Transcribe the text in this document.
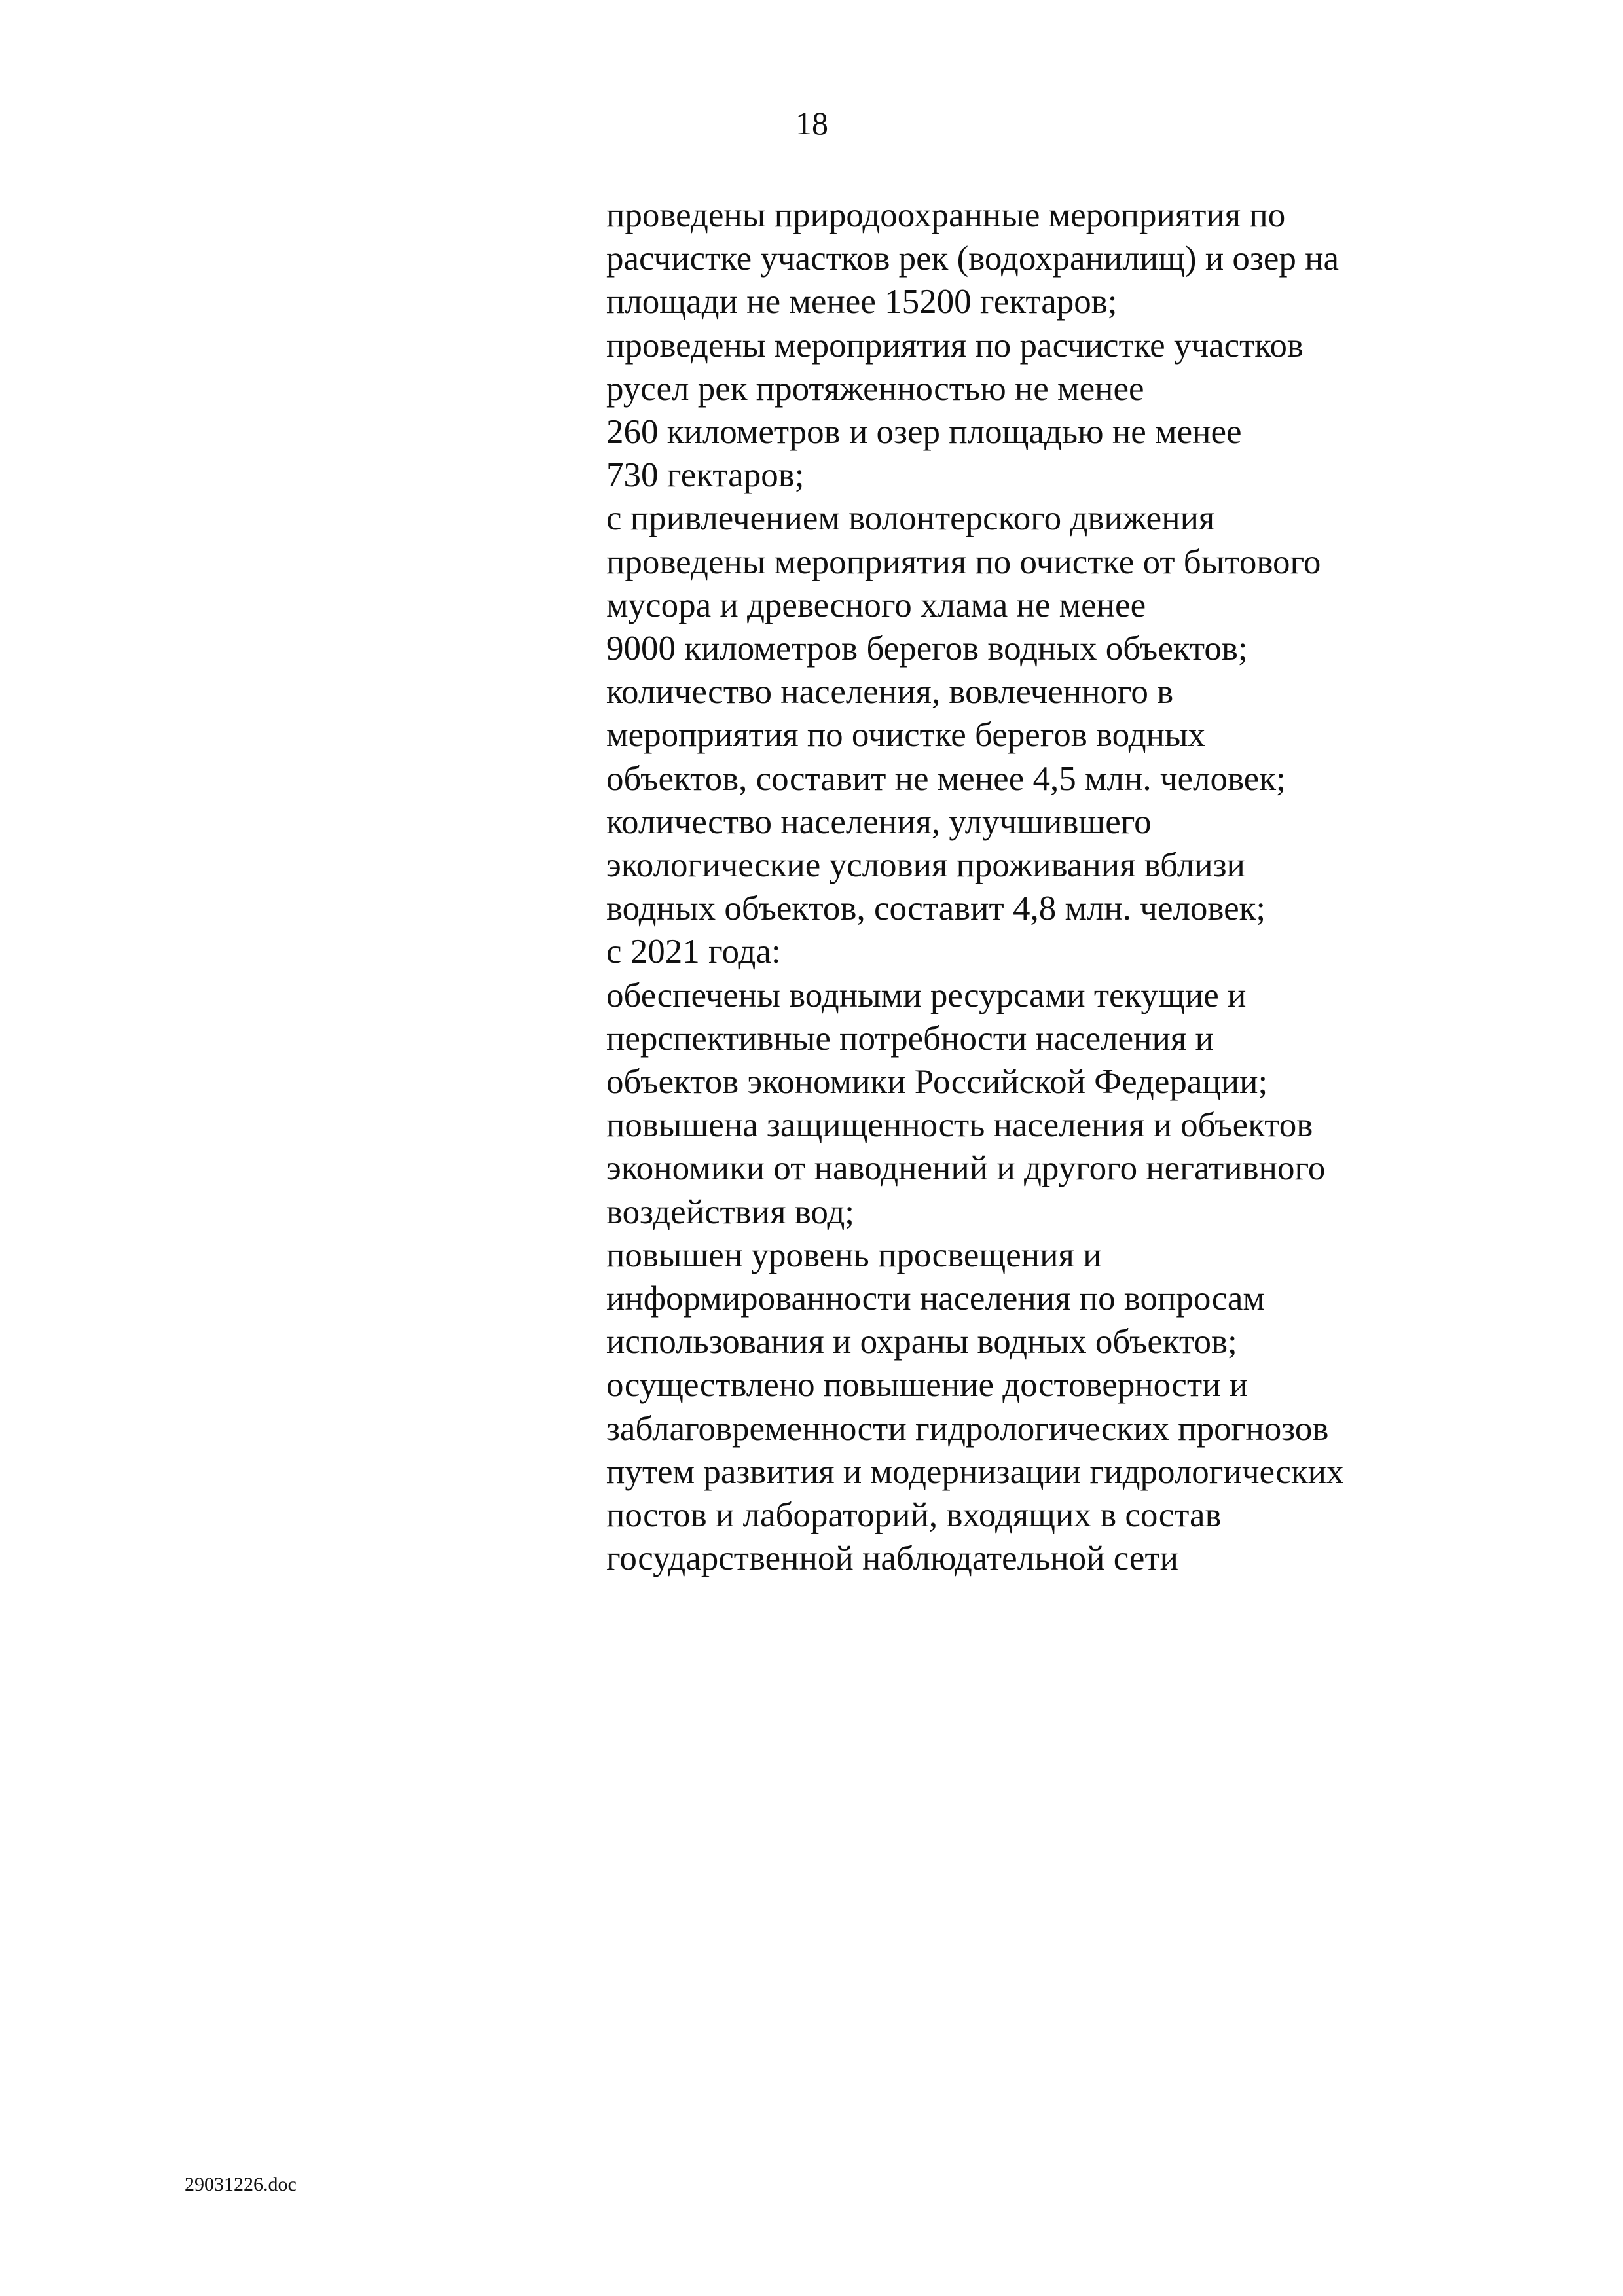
18
проведены природоохранные мероприятия по
расчистке участков рек (водохранилищ) и озер на
площади не менее 15200 гектаров;
проведены мероприятия по расчистке участков
русел рек протяженностью не менее
260 километров и озер площадью не менее
730 гектаров;
с привлечением волонтерского движения
проведены мероприятия по очистке от бытового
мусора и древесного хлама не менее
9000 километров берегов водных объектов;
количество населения, вовлеченного в
мероприятия по очистке берегов водных
объектов, составит не менее 4,5 млн. человек;
количество населения, улучшившего
экологические условия проживания вблизи
водных объектов, составит 4,8 млн. человек;
с 2021 года:
обеспечены водными ресурсами текущие и
перспективные потребности населения и
объектов экономики Российской Федерации;
повышена защищенность населения и объектов
экономики от наводнений и другого негативного
воздействия вод;
повышен уровень просвещения и
информированности населения по вопросам
использования и охраны водных объектов;
осуществлено повышение достоверности и
заблаговременности гидрологических прогнозов
путем развития и модернизации гидрологических
постов и лабораторий, входящих в состав
государственной наблюдательной сети
29031226.doc
